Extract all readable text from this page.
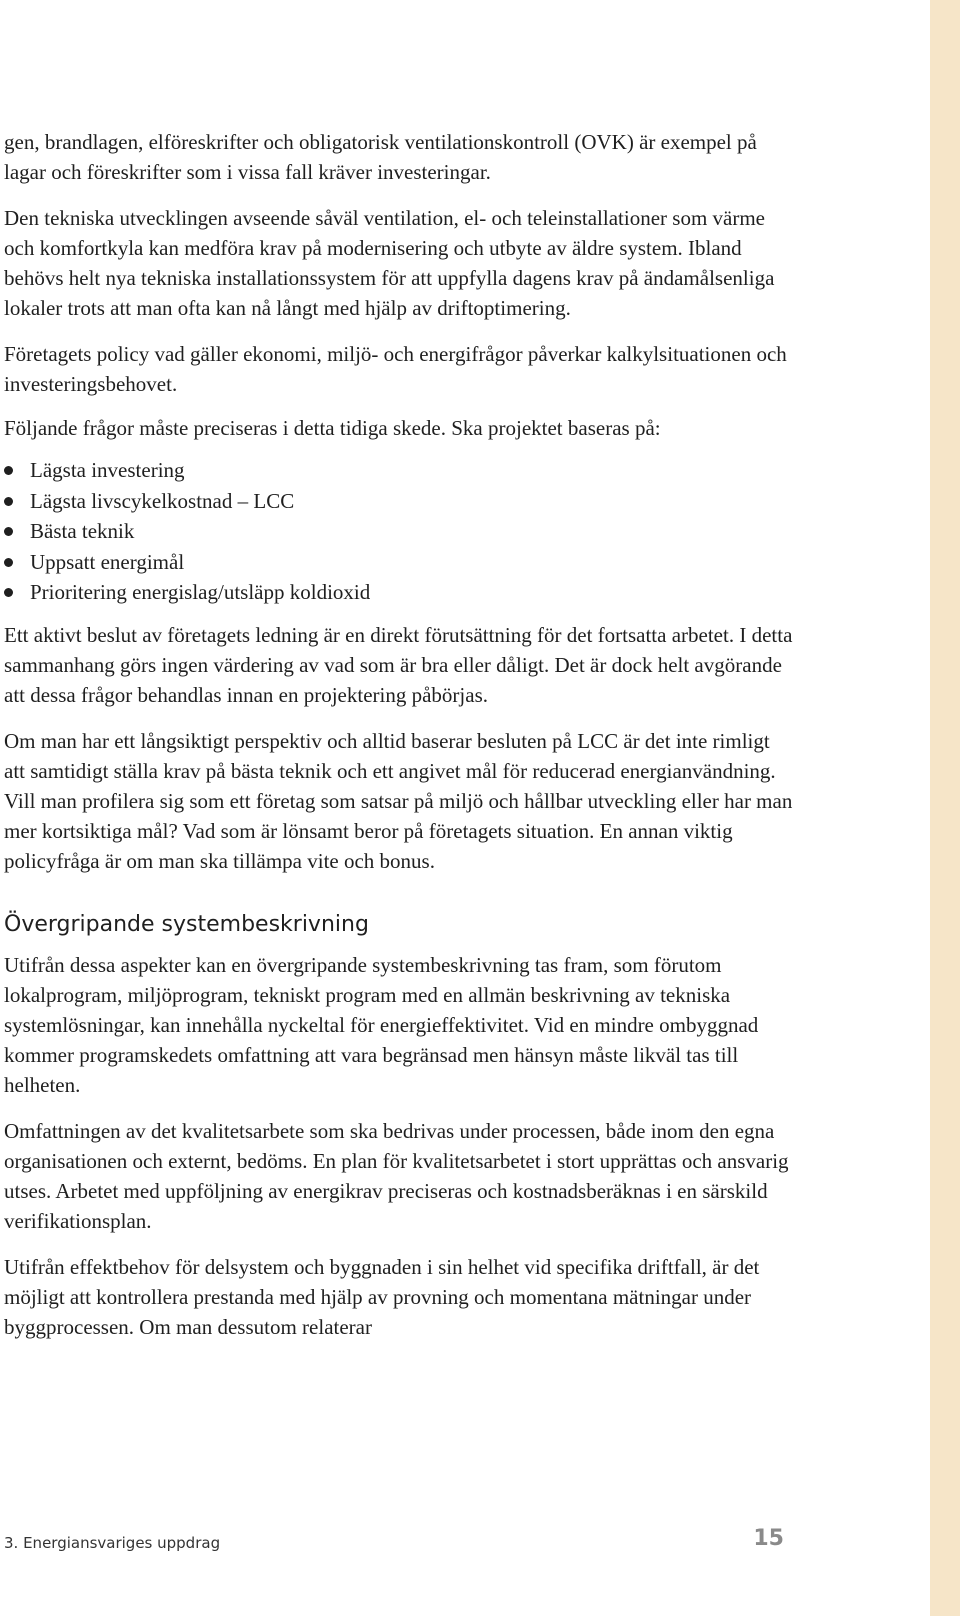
gen, brandlagen, elföreskrifter och obligatorisk ventilationskontroll (OVK) är exempel på lagar och föreskrifter som i vissa fall kräver investeringar.

Den tekniska utvecklingen avseende såväl ventilation, el- och teleinstallationer som värme och komfortkyla kan medföra krav på modernisering och utbyte av äldre system. Ibland behövs helt nya tekniska installationssystem för att uppfylla dagens krav på ändamålsenliga lokaler trots att man ofta kan nå långt med hjälp av driftoptimering.

Företagets policy vad gäller ekonomi, miljö- och energifrågor påverkar kalkylsituationen och investeringsbehovet.

Följande frågor måste preciseras i detta tidiga skede. Ska projektet baseras på:

Lägsta investering
Lägsta livscykelkostnad – LCC
Bästa teknik
Uppsatt energimål
Prioritering energislag/utsläpp koldioxid

Ett aktivt beslut av företagets ledning är en direkt förutsättning för det fortsatta arbetet. I detta sammanhang görs ingen värdering av vad som är bra eller dåligt. Det är dock helt avgörande att dessa frågor behandlas innan en projektering påbörjas.

Om man har ett långsiktigt perspektiv och alltid baserar besluten på LCC är det inte rimligt att samtidigt ställa krav på bästa teknik och ett angivet mål för reducerad energianvändning. Vill man profilera sig som ett företag som satsar på miljö och hållbar utveckling eller har man mer kortsiktiga mål? Vad som är lönsamt beror på företagets situation. En annan viktig policyfråga är om man ska tillämpa vite och bonus.

Övergripande systembeskrivning

Utifrån dessa aspekter kan en övergripande systembeskrivning tas fram, som förutom lokalprogram, miljöprogram, tekniskt program med en allmän beskrivning av tekniska systemlösningar, kan innehålla nyckeltal för energieffektivitet. Vid en mindre ombyggnad kommer programskedets omfattning att vara begränsad men hänsyn måste likväl tas till helheten.

Omfattningen av det kvalitetsarbete som ska bedrivas under processen, både inom den egna organisationen och externt, bedöms. En plan för kvalitetsarbetet i stort upprättas och ansvarig utses. Arbetet med uppföljning av energikrav preciseras och kostnadsberäknas i en särskild verifikationsplan.

Utifrån effektbehov för delsystem och byggnaden i sin helhet vid specifika driftfall, är det möjligt att kontrollera prestanda med hjälp av provning och momentana mätningar under byggprocessen. Om man dessutom relaterar

3. Energiansvariges uppdrag	15
